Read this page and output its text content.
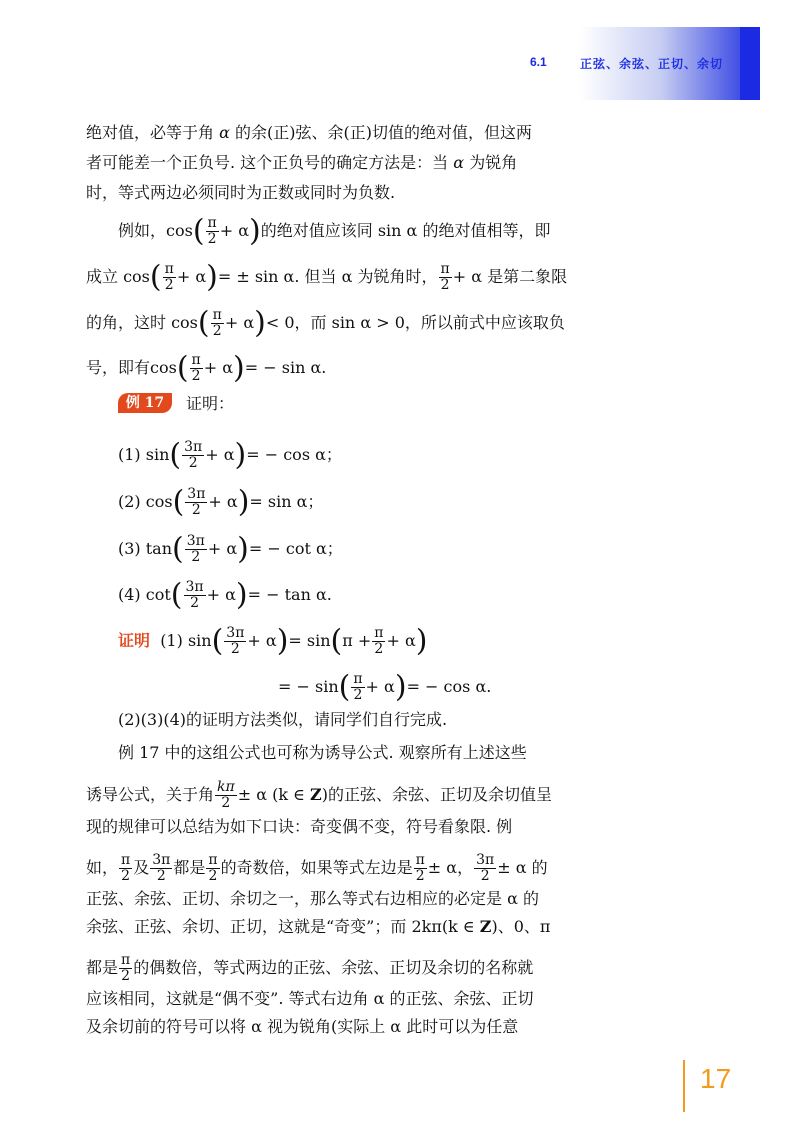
6.1	正弦、余弦、正切、余切
绝对值，必等于角 α 的余(正)弦、余(正)切值的绝对值，但这两
者可能差一个正负号. 这个正负号的确定方法是：当 α 为锐角
时，等式两边必须同时为正数或同时为负数.
例如，$\cos( \frac{\pi}{2} + \alpha)$的绝对值应该同 sin α 的绝对值相等，即
成立 $\cos( \frac{\pi}{2} + \alpha)= \pm \sin \alpha$. 但当 α 为锐角时， $\frac{\pi}{2} + \alpha$ 是第二象限
的角，这时 $\cos( \frac{\pi}{2} + \alpha)< 0$，而 sin α > 0，所以前式中应该取负
号，即有$\cos( \frac{\pi}{2} + \alpha)= - \sin \alpha$.
例 17	证明：
(1) $\sin( \frac{3\pi}{2} + \alpha)= - \cos \alpha$；
(2) $\cos( \frac{3\pi}{2} + \alpha)= \sin \alpha$；
(3) $\tan( \frac{3\pi}{2} + \alpha)= - \cot \alpha$；
(4) $\cot( \frac{3\pi}{2} + \alpha)= - \tan \alpha$.
证明 (1) $\sin( \frac{3\pi}{2} + \alpha)= \sin(\pi + \frac{\pi}{2} + \alpha)$
= − $\sin( \frac{\pi}{2} + \alpha)= - \cos \alpha$.
(2)(3)(4)的证明方法类似，请同学们自行完成.
例 17 中的这组公式也可称为诱导公式. 观察所有上述这些
诱导公式，关于角 $\frac{k\pi}{2} \pm \alpha$ (k ∈ Z)的正弦、余弦、正切及余切值呈
现的规律可以总结为如下口诀：奇变偶不变，符号看象限. 例
如， $\frac{\pi}{2}$ 及 $\frac{3\pi}{2}$ 都是 $\frac{\pi}{2}$ 的奇数倍，如果等式左边是 $\frac{\pi}{2} \pm \alpha$， $\frac{3\pi}{2} \pm \alpha$ 的
正弦、余弦、正切、余切之一，那么等式右边相应的必定是 α 的
余弦、正弦、余切、正切，这就是“奇变”；而 2kπ(k ∈ Z)、0、π
都是 $\frac{\pi}{2}$ 的偶数倍，等式两边的正弦、余弦、正切及余切的名称就
应该相同，这就是“偶不变”. 等式右边角 α 的正弦、余弦、正切
及余切前的符号可以将 α 视为锐角(实际上 α 此时可以为任意
17
